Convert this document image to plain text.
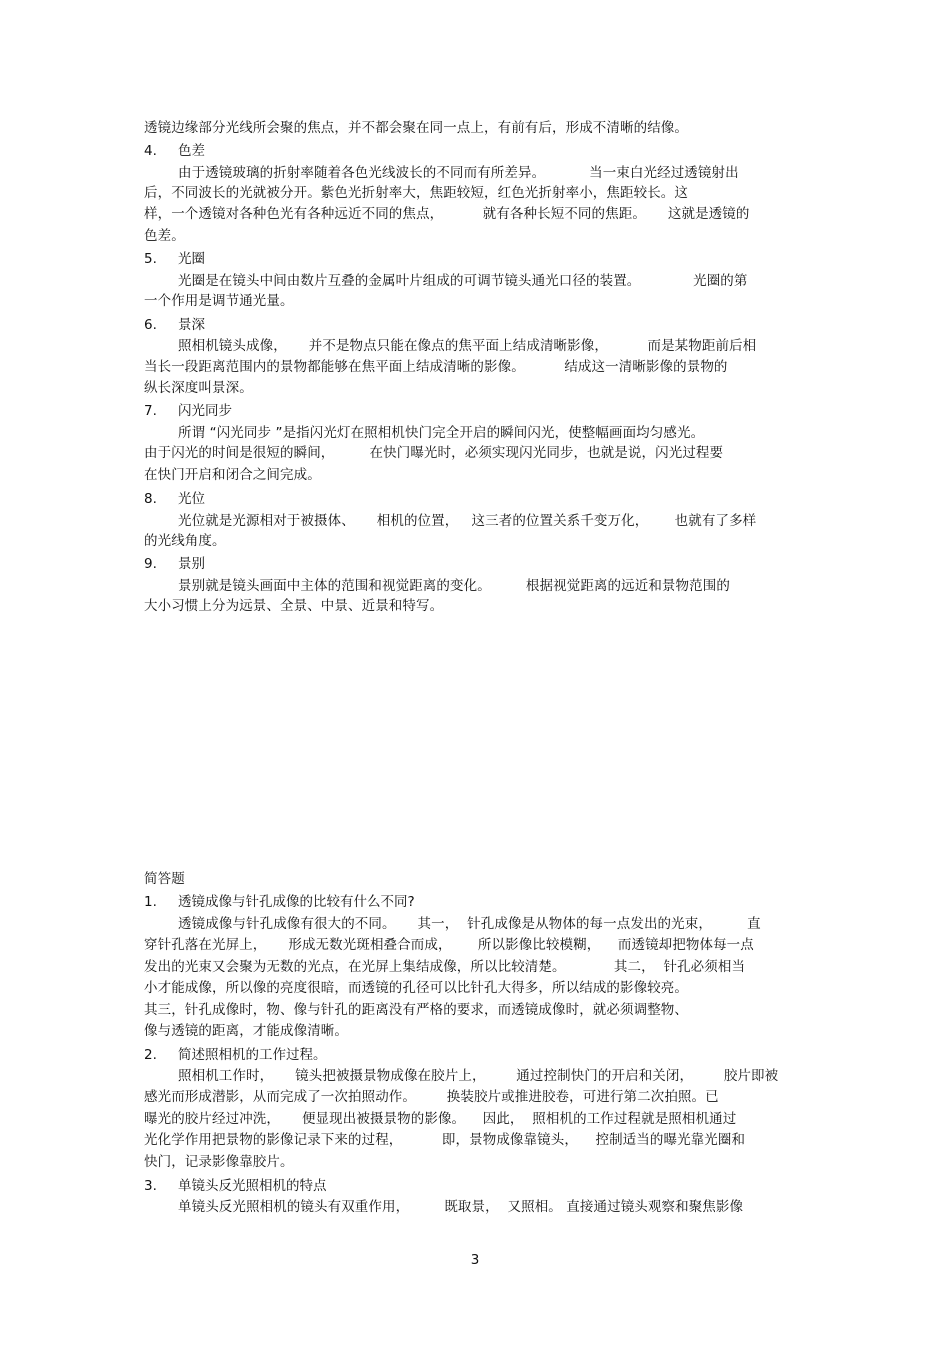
透镜边缘部分光线所会聚的焦点，并不都会聚在同一点上，有前有后，形成不清晰的结像。
4. 色差
由于透镜玻璃的折射率随着各色光线波长的不同而有所差异。          当一束白光经过透镜射出
后，不同波长的光就被分开。紫色光折射率大，焦距较短，红色光折射率小，焦距较长。这
样，一个透镜对各种色光有各种远近不同的焦点，         就有各种长短不同的焦距。     这就是透镜的
色差。
5. 光圈
光圈是在镜头中间由数片互叠的金属叶片组成的可调节镜头通光口径的装置。            光圈的第
一个作用是调节通光量。
6. 景深
照相机镜头成像，     并不是物点只能在像点的焦平面上结成清晰影像，         而是某物距前后相
当长一段距离范围内的景物都能够在焦平面上结成清晰的影像。         结成这一清晰影像的景物的
纵长深度叫景深。
7. 闪光同步
所谓 “闪光同步 ”是指闪光灯在照相机快门完全开启的瞬间闪光，使整幅画面均匀感光。
由于闪光的时间是很短的瞬间，        在快门曝光时，必须实现闪光同步，也就是说，闪光过程要
在快门开启和闭合之间完成。
8. 光位
光位就是光源相对于被摄体、     相机的位置，   这三者的位置关系千变万化，      也就有了多样
的光线角度。
9. 景别
景别就是镜头画面中主体的范围和视觉距离的变化。        根据视觉距离的远近和景物范围的
大小习惯上分为远景、全景、中景、近景和特写。
简答题
1. 透镜成像与针孔成像的比较有什么不同?
透镜成像与针孔成像有很大的不同。     其一，  针孔成像是从物体的每一点发出的光束，        直
穿针孔落在光屏上，     形成无数光斑相叠合而成，      所以影像比较模糊，    而透镜却把物体每一点
发出的光束又会聚为无数的光点，在光屏上集结成像，所以比较清楚。           其二，  针孔必须相当
小才能成像，所以像的亮度很暗，而透镜的孔径可以比针孔大得多，所以结成的影像较亮。
其三，针孔成像时，物、像与针孔的距离没有严格的要求，而透镜成像时，就必须调整物、
像与透镜的距离，才能成像清晰。
2. 简述照相机的工作过程。
照相机工作时，     镜头把被摄景物成像在胶片上，       通过控制快门的开启和关闭，       胶片即被
感光而形成潜影，从而完成了一次拍照动作。       换装胶片或推进胶卷，可进行第二次拍照。已
曝光的胶片经过冲洗，     便显现出被摄景物的影像。    因此，  照相机的工作过程就是照相机通过
光化学作用把景物的影像记录下来的过程，         即，景物成像靠镜头，    控制适当的曝光靠光圈和
快门，记录影像靠胶片。
3. 单镜头反光照相机的特点
单镜头反光照相机的镜头有双重作用，        既取景，  又照相。 直接通过镜头观察和聚焦影像
3
